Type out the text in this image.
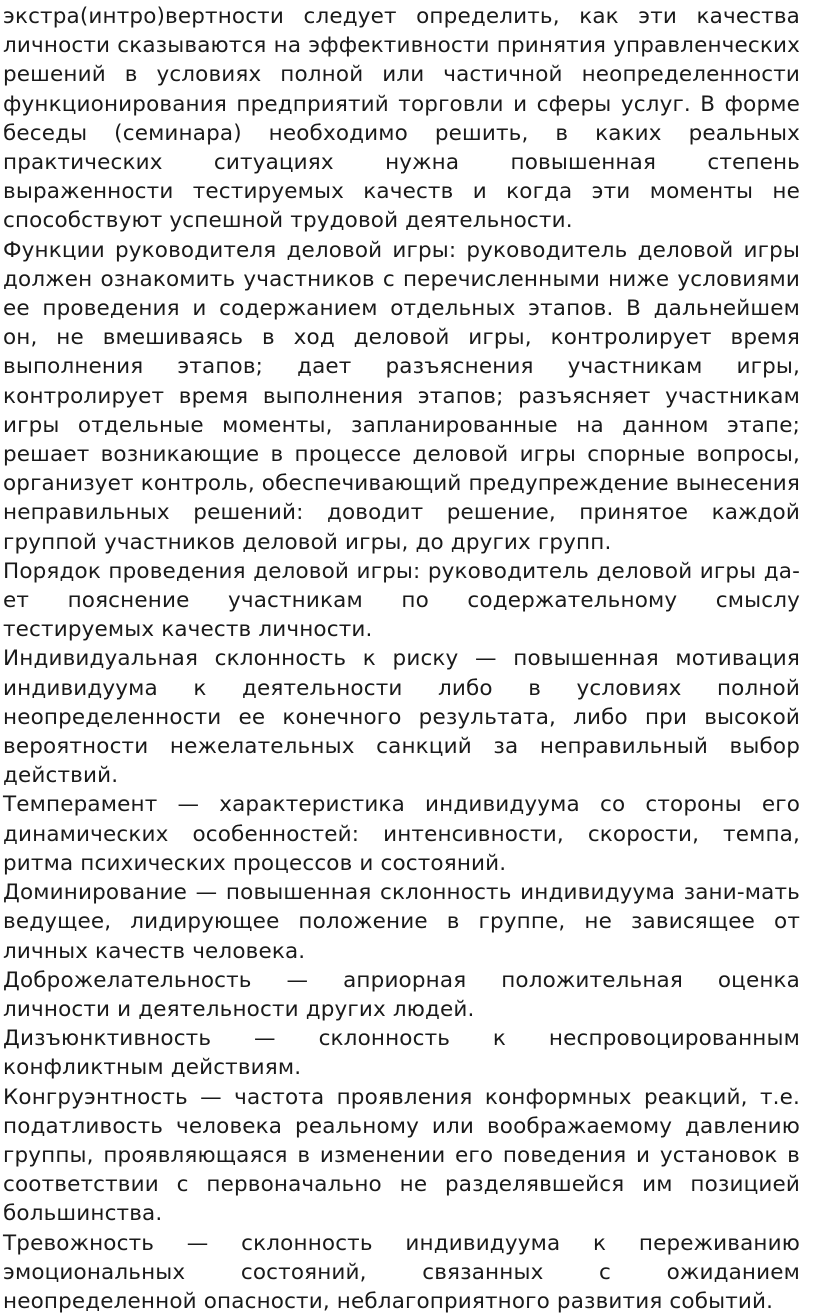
экстра(интро)вертности следует определить, как эти качества личности сказываются на эффективности принятия управленческих решений в условиях полной или частичной неопределенности функционирования предприятий торговли и сферы услуг. В форме беседы (семинара) необходимо решить, в каких реальных практических ситуациях нужна повышенная степень выраженности тестируемых качеств и когда эти моменты не способствуют успешной трудовой деятельности.

Функции руководителя деловой игры: руководитель деловой игры должен ознакомить участников с перечисленными ниже условиями ее проведения и содержанием отдельных этапов. В дальнейшем он, не вмешиваясь в ход деловой игры, контролирует время выполнения этапов; дает разъяснения участникам игры, контролирует время выполнения этапов; разъясняет участникам игры отдельные моменты, запланированные на данном этапе; решает возникающие в процессе деловой игры спорные вопросы, организует контроль, обеспечивающий предупреждение вынесения неправильных решений: доводит решение, принятое каждой группой участников деловой игры, до других групп.

Порядок проведения деловой игры: руководитель деловой игры да-ет пояснение участникам по содержательному смыслу тестируемых качеств личности.

Индивидуальная склонность к риску — повышенная мотивация индивидуума к деятельности либо в условиях полной неопределенности ее конечного результата, либо при высокой вероятности нежелательных санкций за неправильный выбор действий.

Темперамент — характеристика индивидуума со стороны его динамических особенностей: интенсивности, скорости, темпа, ритма психических процессов и состояний.

Доминирование — повышенная склонность индивидуума зани-мать ведущее, лидирующее положение в группе, не зависящее от личных качеств человека.

Доброжелательность — априорная положительная оценка личности и деятельности других людей.

Дизъюнктивность — склонность к неспровоцированным конфликтным действиям.

Конгруэнтность — частота проявления конформных реакций, т.е. податливость человека реальному или воображаемому давлению группы, проявляющаяся в изменении его поведения и установок в соответствии с первоначально не разделявшейся им позицией большинства.

Тревожность — склонность индивидуума к переживанию эмоциональных состояний, связанных с ожиданием неопределенной опасности, неблагоприятного развития событий.
